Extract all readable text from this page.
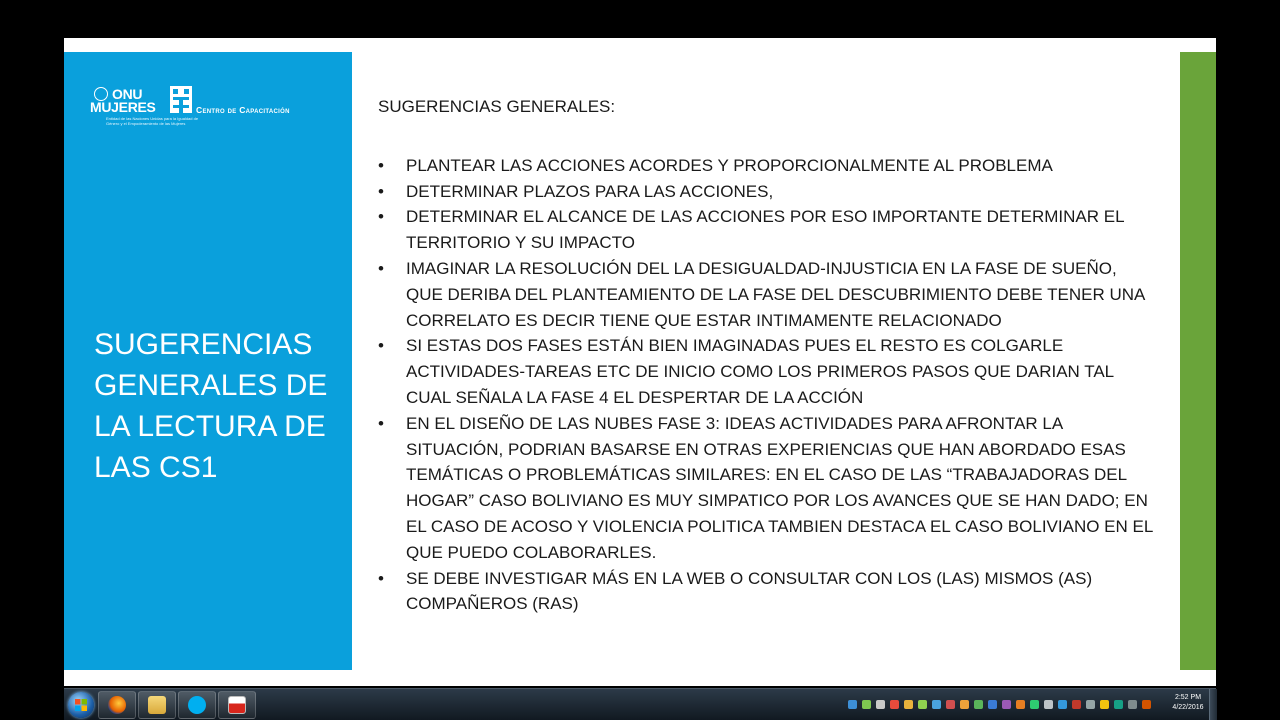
ONU
MUJERES	Centro de Capacitación
Entidad de las Naciones Unidas para la Igualdad de Género y el Empoderamiento de las Mujeres
SUGERENCIAS GENERALES DE LA LECTURA DE LAS CS1

SUGERENCIAS GENERALES:

• PLANTEAR LAS ACCIONES ACORDES Y PROPORCIONALMENTE AL PROBLEMA
• DETERMINAR PLAZOS PARA LAS ACCIONES,
• DETERMINAR EL ALCANCE DE LAS ACCIONES POR ESO IMPORTANTE DETERMINAR EL TERRITORIO Y SU IMPACTO
• IMAGINAR LA RESOLUCIÓN DEL LA DESIGUALDAD-INJUSTICIA EN LA FASE DE SUEÑO, QUE DERIBA DEL PLANTEAMIENTO DE LA FASE DEL DESCUBRIMIENTO DEBE TENER UNA CORRELATO ES DECIR TIENE QUE ESTAR INTIMAMENTE RELACIONADO
• SI ESTAS DOS FASES ESTÁN BIEN IMAGINADAS PUES EL RESTO ES COLGARLE ACTIVIDADES-TAREAS ETC DE INICIO COMO LOS PRIMEROS PASOS QUE DARIAN TAL CUAL SEÑALA LA FASE 4 EL DESPERTAR DE LA ACCIÓN
• EN EL DISEÑO DE LAS NUBES FASE 3: IDEAS ACTIVIDADES PARA AFRONTAR LA SITUACIÓN, PODRIAN BASARSE EN OTRAS EXPERIENCIAS QUE HAN ABORDADO ESAS TEMÁTICAS O PROBLEMÁTICAS SIMILARES: EN EL CASO DE LAS “TRABAJADORAS DEL HOGAR” CASO BOLIVIANO ES MUY SIMPATICO POR LOS AVANCES QUE SE HAN DADO; EN EL CASO DE ACOSO Y VIOLENCIA POLITICA TAMBIEN DESTACA EL CASO BOLIVIANO EN EL QUE PUEDO COLABORARLES.
• SE DEBE INVESTIGAR MÁS EN LA WEB O CONSULTAR CON LOS (LAS) MISMOS (AS) COMPAÑEROS (RAS)
2:52 PM
4/22/2016
